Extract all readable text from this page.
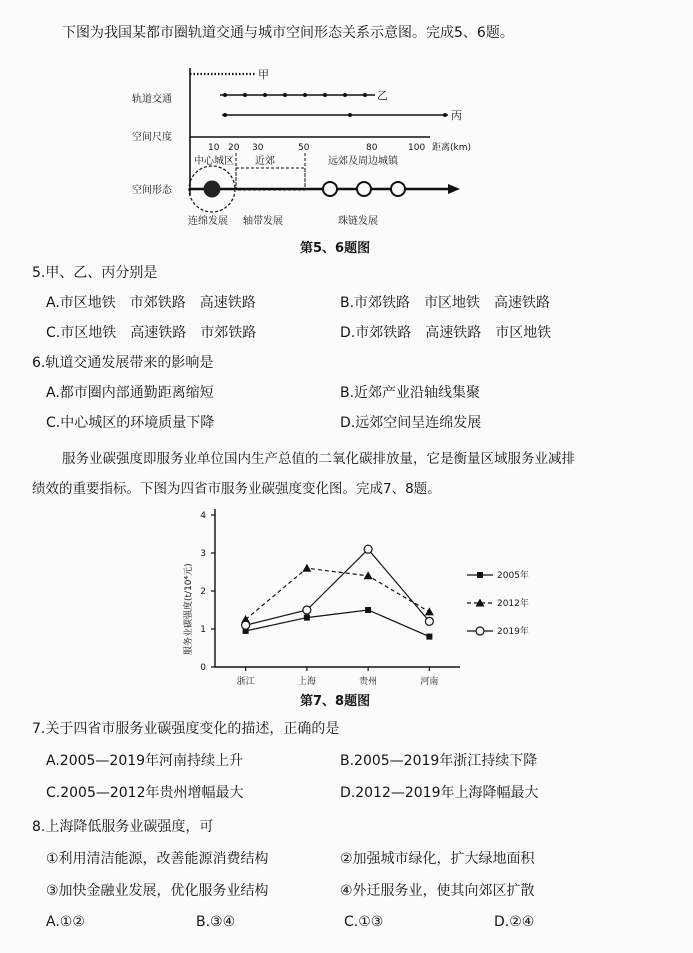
下图为我国某都市圈轨道交通与城市空间形态关系示意图。完成5、6题。
甲
乙
丙
轨道交通
空间尺度
空间形态
10 20 30	50	80	100 距离(km)
中心城区 近郊	远郊及周边城镇
连绵发展 轴带发展	珠链发展
第5、6题图
5.甲、乙、丙分别是
A.市区地铁　市郊铁路　高速铁路	B.市郊铁路　市区地铁　高速铁路
C.市区地铁　高速铁路　市郊铁路	D.市郊铁路　高速铁路　市区地铁
6.轨道交通发展带来的影响是
A.都市圈内部通勤距离缩短	B.近郊产业沿轴线集聚
C.中心城区的环境质量下降	D.远郊空间呈连绵发展
服务业碳强度即服务业单位国内生产总值的二氧化碳排放量，它是衡量区域服务业减排
绩效的重要指标。下图为四省市服务业碳强度变化图。完成7、8题。
服务业碳强度(t/10⁴元)
0
1
2
3
4
浙江	上海	贵州	河南
2005年
2012年
2019年
第7、8题图
7.关于四省市服务业碳强度变化的描述，正确的是
A.2005—2019年河南持续上升	B.2005—2019年浙江持续下降
C.2005—2012年贵州增幅最大	D.2012—2019年上海降幅最大
8.上海降低服务业碳强度，可
①利用清洁能源，改善能源消费结构	②加强城市绿化，扩大绿地面积
③加快金融业发展，优化服务业结构	④外迁服务业，使其向郊区扩散
A.①②	B.③④	C.①③	D.②④
